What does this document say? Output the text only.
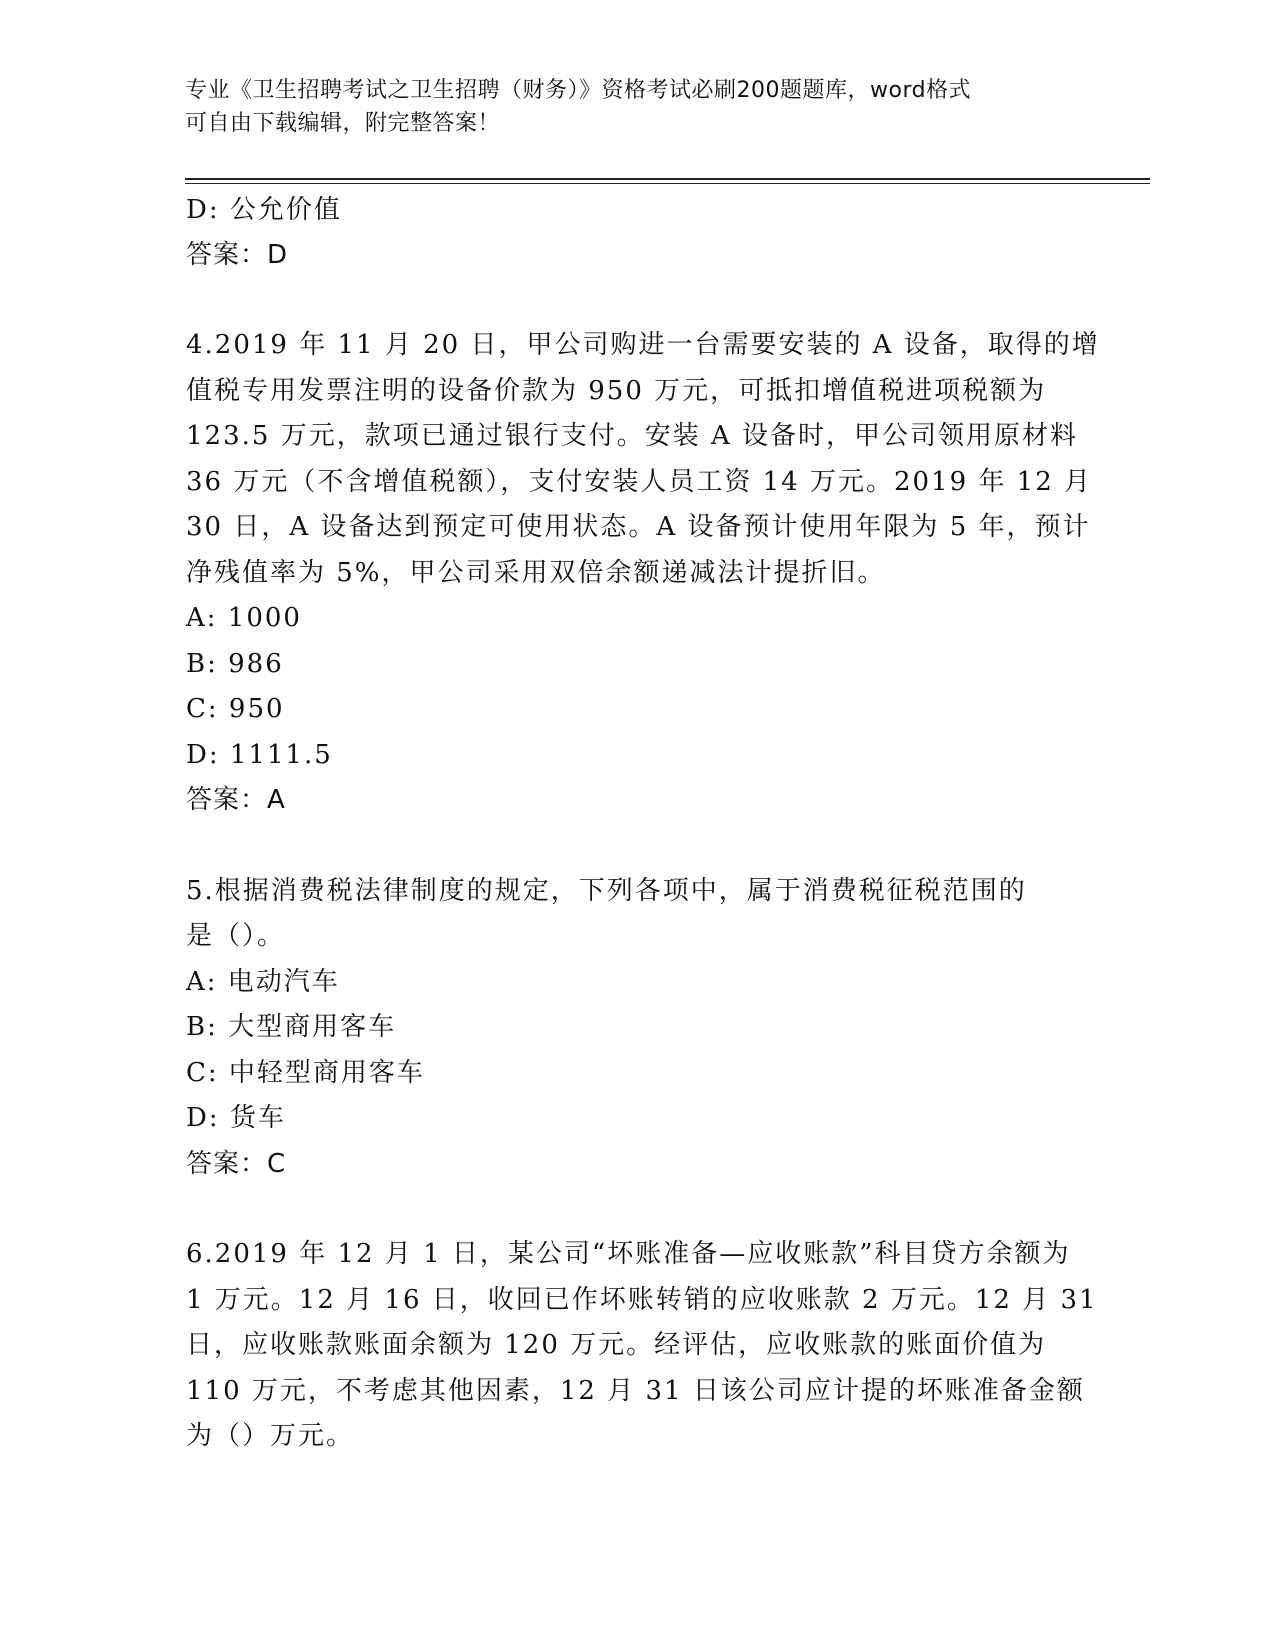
专业《卫生招聘考试之卫生招聘（财务）》资格考试必刷200题题库，word格式
可自由下载编辑，附完整答案！
D: 公允价值
答案：D
4.2019 年 11 月 20 日，甲公司购进一台需要安装的 A 设备，取得的增
值税专用发票注明的设备价款为 950 万元，可抵扣增值税进项税额为
123.5 万元，款项已通过银行支付。安装 A 设备时，甲公司领用原材料
36 万元（不含增值税额），支付安装人员工资 14 万元。2019 年 12 月
30 日，A 设备达到预定可使用状态。A 设备预计使用年限为 5 年，预计
净残值率为 5%，甲公司采用双倍余额递减法计提折旧。
A: 1000
B: 986
C: 950
D: 1111.5
答案：A
5.根据消费税法律制度的规定，下列各项中，属于消费税征税范围的
是（）。
A: 电动汽车
B: 大型商用客车
C: 中轻型商用客车
D: 货车
答案：C
6.2019 年 12 月 1 日，某公司“坏账准备—应收账款”科目贷方余额为
1 万元。12 月 16 日，收回已作坏账转销的应收账款 2 万元。12 月 31
日，应收账款账面余额为 120 万元。经评估，应收账款的账面价值为
110 万元，不考虑其他因素，12 月 31 日该公司应计提的坏账准备金额
为（）万元。
